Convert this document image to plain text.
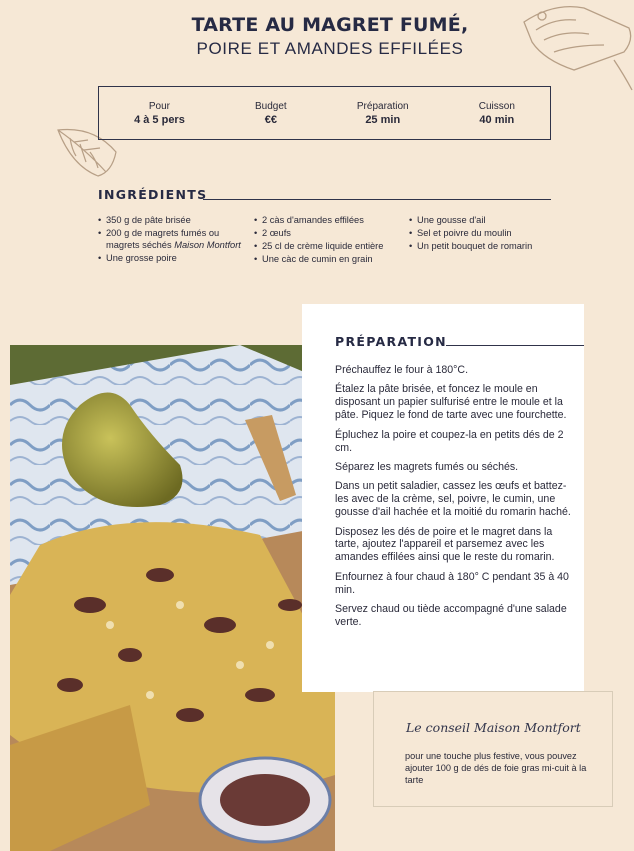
TARTE AU MAGRET FUMÉ,
POIRE ET AMANDES EFFILÉES
Pour
4 à 5 pers
Budget
€€
Préparation
25 min
Cuisson
40 min
INGRÉDIENTS
• 350 g de pâte brisée
• 200 g de magrets fumés ou magrets séchés Maison Montfort
• Une grosse poire
• 2 càs d'amandes effilées
• 2 œufs
• 25 cl de crème liquide entière
• Une càc de cumin en grain
• Une gousse d'ail
• Sel et poivre du moulin
• Un petit bouquet de romarin
PRÉPARATION

Préchauffez le four à 180°C.

Étalez la pâte brisée, et foncez le moule en disposant un papier sulfurisé entre le moule et la pâte. Piquez le fond de tarte avec une fourchette.

Épluchez la poire et coupez-la en petits dés de 2 cm.

Séparez les magrets fumés ou séchés.

Dans un petit saladier, cassez les œufs et battez-les avec de la crème, sel, poivre, le cumin, une gousse d'ail hachée et la moitié du romarin haché.

Disposez les dés de poire et le magret dans la tarte, ajoutez l'appareil et parsemez avec les amandes effilées ainsi que le reste du romarin.

Enfournez à four chaud à 180° C pendant 35 à 40 min.

Servez chaud ou tiède accompagné d'une salade verte.

Le conseil Maison Montfort
pour une touche plus festive, vous pouvez ajouter 100 g de dés de foie gras mi-cuit à la tarte
